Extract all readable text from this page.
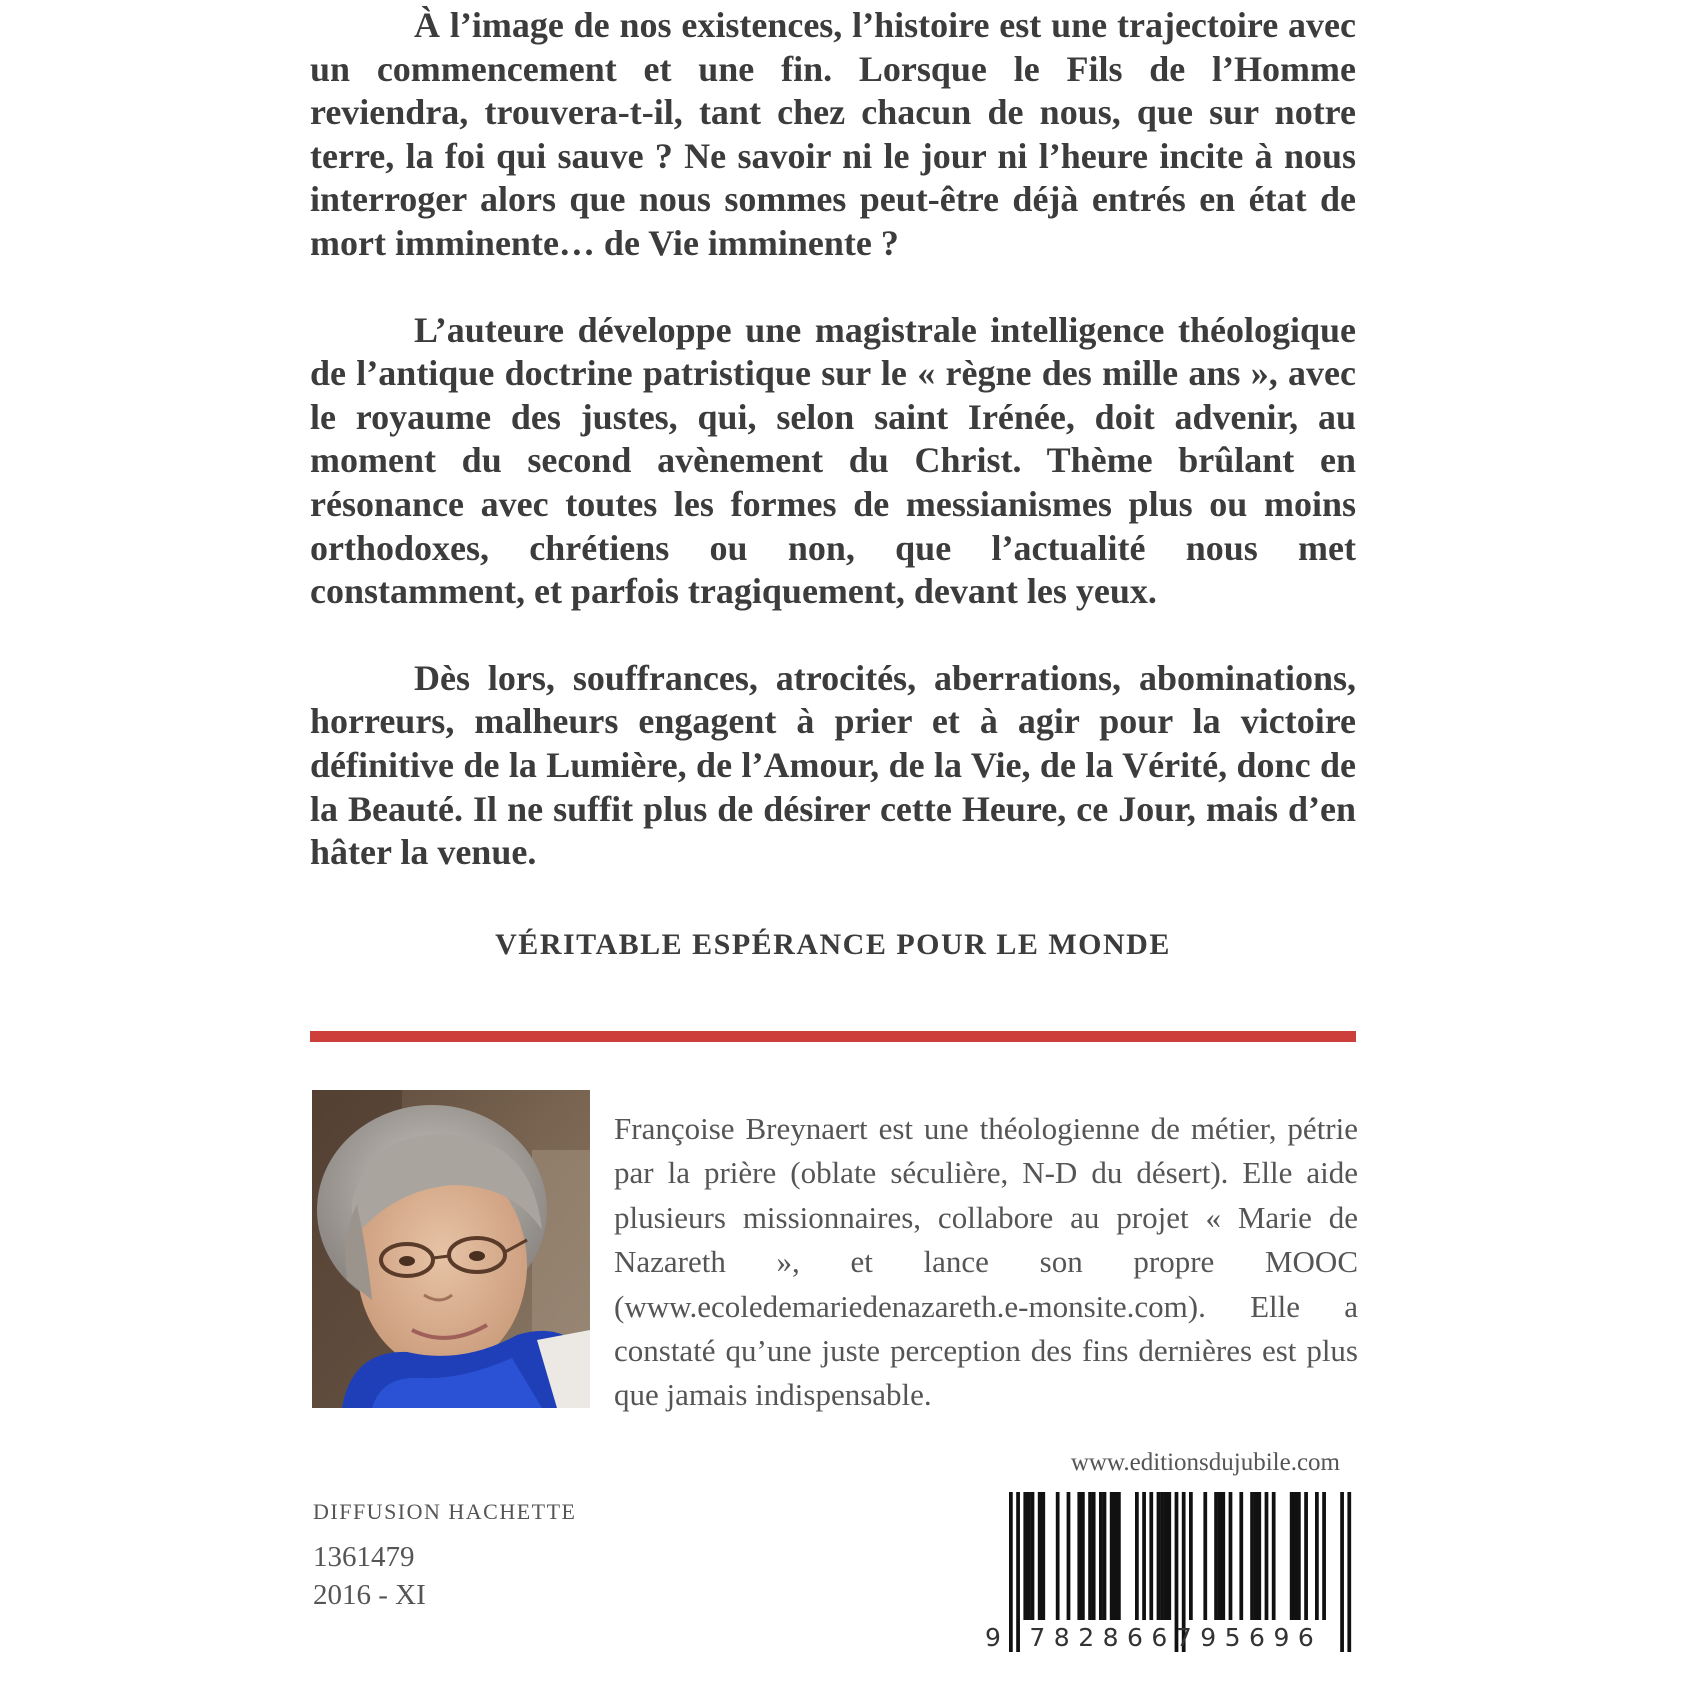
À l’image de nos existences, l’histoire est une trajectoire avec un commencement et une fin. Lorsque le Fils de l’Homme reviendra, trouvera-t-il, tant chez chacun de nous, que sur notre terre, la foi qui sauve ? Ne savoir ni le jour ni l’heure incite à nous interroger alors que nous sommes peut-être déjà entrés en état de mort imminente… de Vie imminente ?

L’auteure développe une magistrale intelligence théologique de l’antique doctrine patristique sur le « règne des mille ans », avec le royaume des justes, qui, selon saint Irénée, doit advenir, au moment du second avènement du Christ. Thème brûlant en résonance avec toutes les formes de messianismes plus ou moins orthodoxes, chrétiens ou non, que l’actualité nous met constamment, et parfois tragiquement, devant les yeux.

Dès lors, souffrances, atrocités, aberrations, abominations, horreurs, malheurs engagent à prier et à agir pour la victoire définitive de la Lumière, de l’Amour, de la Vie, de la Vérité, donc de la Beauté. Il ne suffit plus de désirer cette Heure, ce Jour, mais d’en hâter la venue.

VÉRITABLE ESPÉRANCE POUR LE MONDE

Françoise Breynaert est une théologienne de métier, pétrie par la prière (oblate séculière, N-D du désert). Elle aide plusieurs missionnaires, collabore au projet « Marie de Nazareth », et lance son propre MOOC (www.ecoledemariedenazareth.e-monsite.com). Elle a constaté qu’une juste perception des fins dernières est plus que jamais indispensable.

www.editionsdujubile.com
DIFFUSION HACHETTE
1361479
2016 - XI
9 782866795696
